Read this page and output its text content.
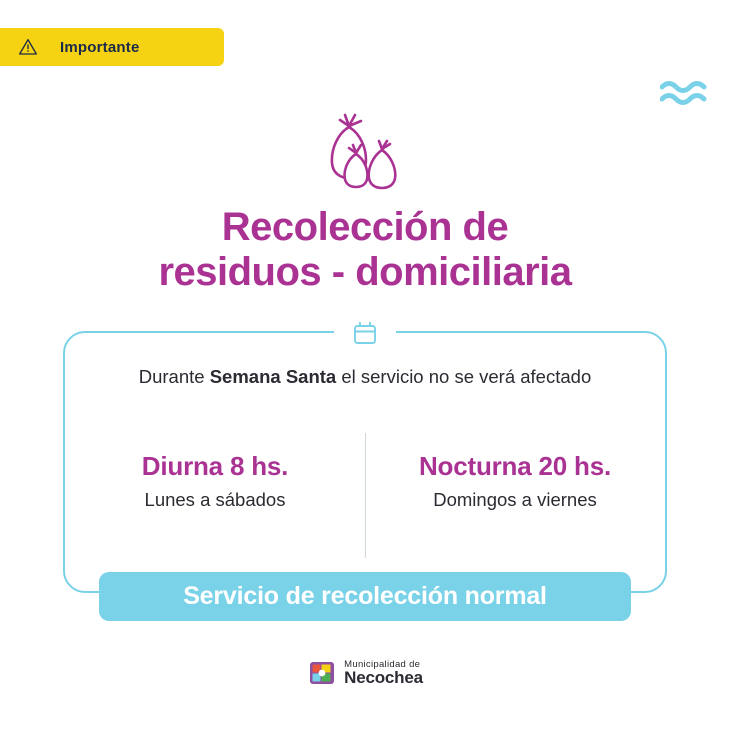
Importante
Recolección de
residuos - domiciliaria

Durante Semana Santa el servicio no se verá afectado

Diurna 8 hs.
Lunes a sábados
Nocturna 20 hs.
Domingos a viernes
Servicio de recolección normal
Municipalidad de
Necochea
